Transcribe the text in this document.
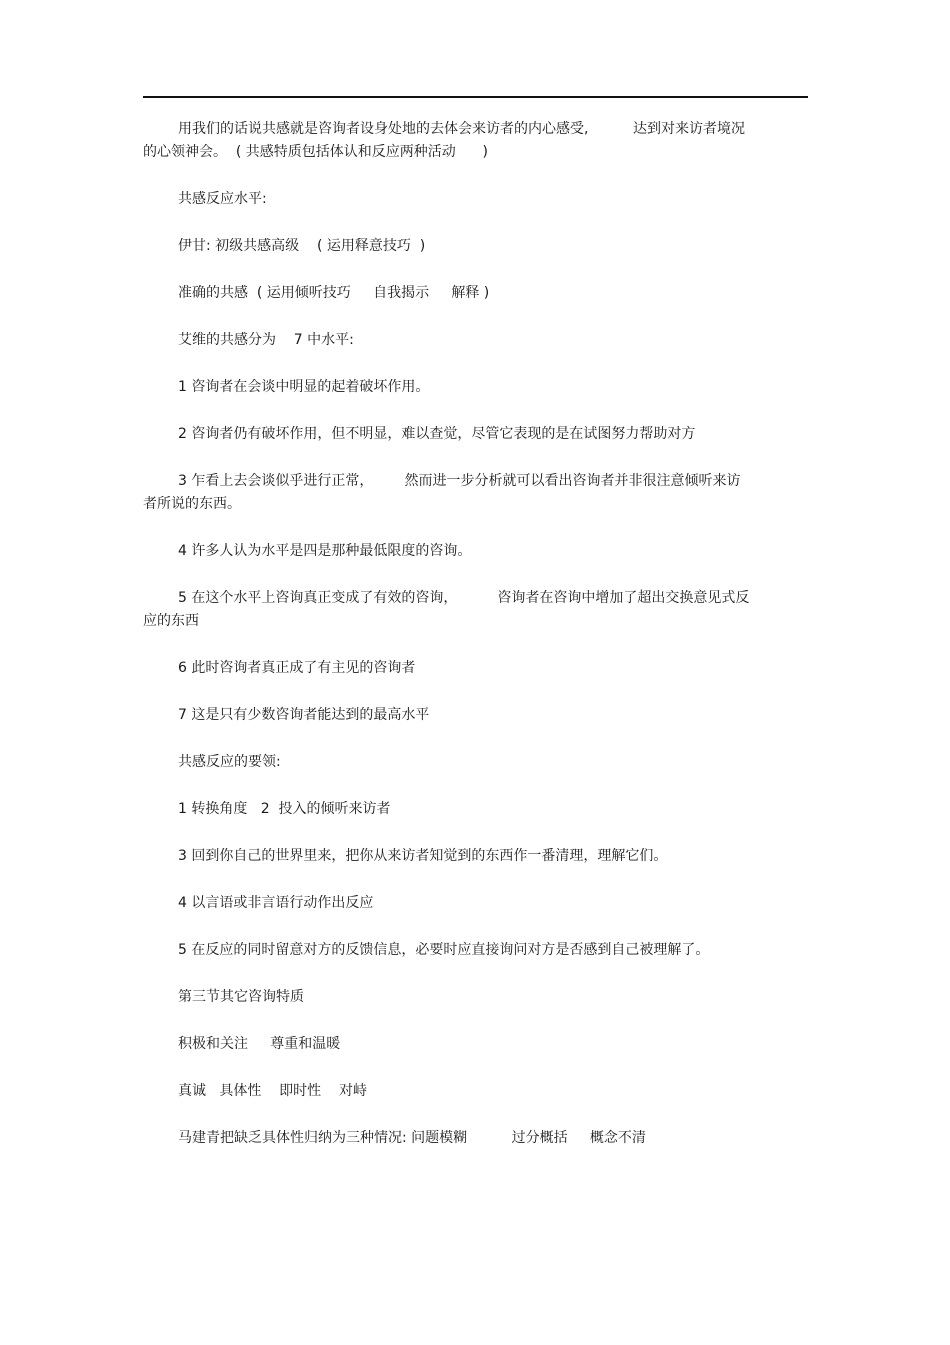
用我们的话说共感就是咨询者设身处地的去体会来访者的内心感受,          达到对来访者境况
的心领神会。  ( 共感特质包括体认和反应两种活动      )
共感反应水平:
伊甘: 初级共感高级    ( 运用释意技巧  )
准确的共感  ( 运用倾听技巧     自我揭示     解释 )
艾维的共感分为    7 中水平:
1 咨询者在会谈中明显的起着破坏作用。
2 咨询者仍有破坏作用，但不明显，难以查觉，尽管它表现的是在试图努力帮助对方
3 乍看上去会谈似乎进行正常，       然而进一步分析就可以看出咨询者并非很注意倾听来访
者所说的东西。
4 许多人认为水平是四是那种最低限度的咨询。
5 在这个水平上咨询真正变成了有效的咨询，         咨询者在咨询中增加了超出交换意见式反
应的东西
6 此时咨询者真正成了有主见的咨询者
7 这是只有少数咨询者能达到的最高水平
共感反应的要领:
1 转换角度   2  投入的倾听来访者
3 回到你自己的世界里来，把你从来访者知觉到的东西作一番清理，理解它们。
4 以言语或非言语行动作出反应
5 在反应的同时留意对方的反馈信息，必要时应直接询问对方是否感到自己被理解了。
第三节其它咨询特质
积极和关注     尊重和温暖
真诚   具体性    即时性    对峙
马建青把缺乏具体性归纳为三种情况: 问题模糊          过分概括     概念不清
